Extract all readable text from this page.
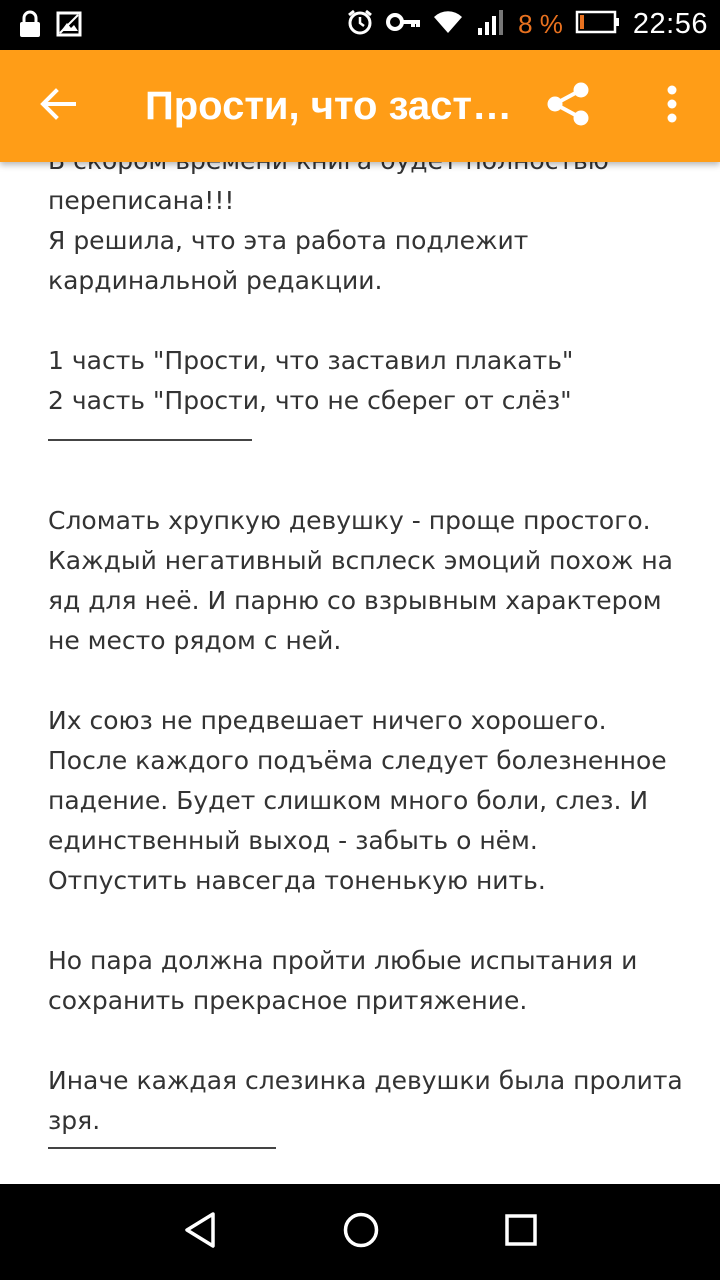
8 % 22:56
Прости, что заст…

переписана!!!
Я решила, что эта работа подлежит
кардинальной редакции.

1 часть "Прости, что заставил плакать"
2 часть "Прости, что не сберег от слёз"

Сломать хрупкую девушку - проще простого.
Каждый негативный всплеск эмоций похож на
яд для неё. И парню со взрывным характером
не место рядом с ней.

Их союз не предвешает ничего хорошего.
После каждого подъёма следует болезненное
падение. Будет слишком много боли, слез. И
единственный выход - забыть о нём.
Отпустить навсегда тоненькую нить.

Но пара должна пройти любые испытания и
сохранить прекрасное притяжение.

Иначе каждая слезинка девушки была пролита
зря.
